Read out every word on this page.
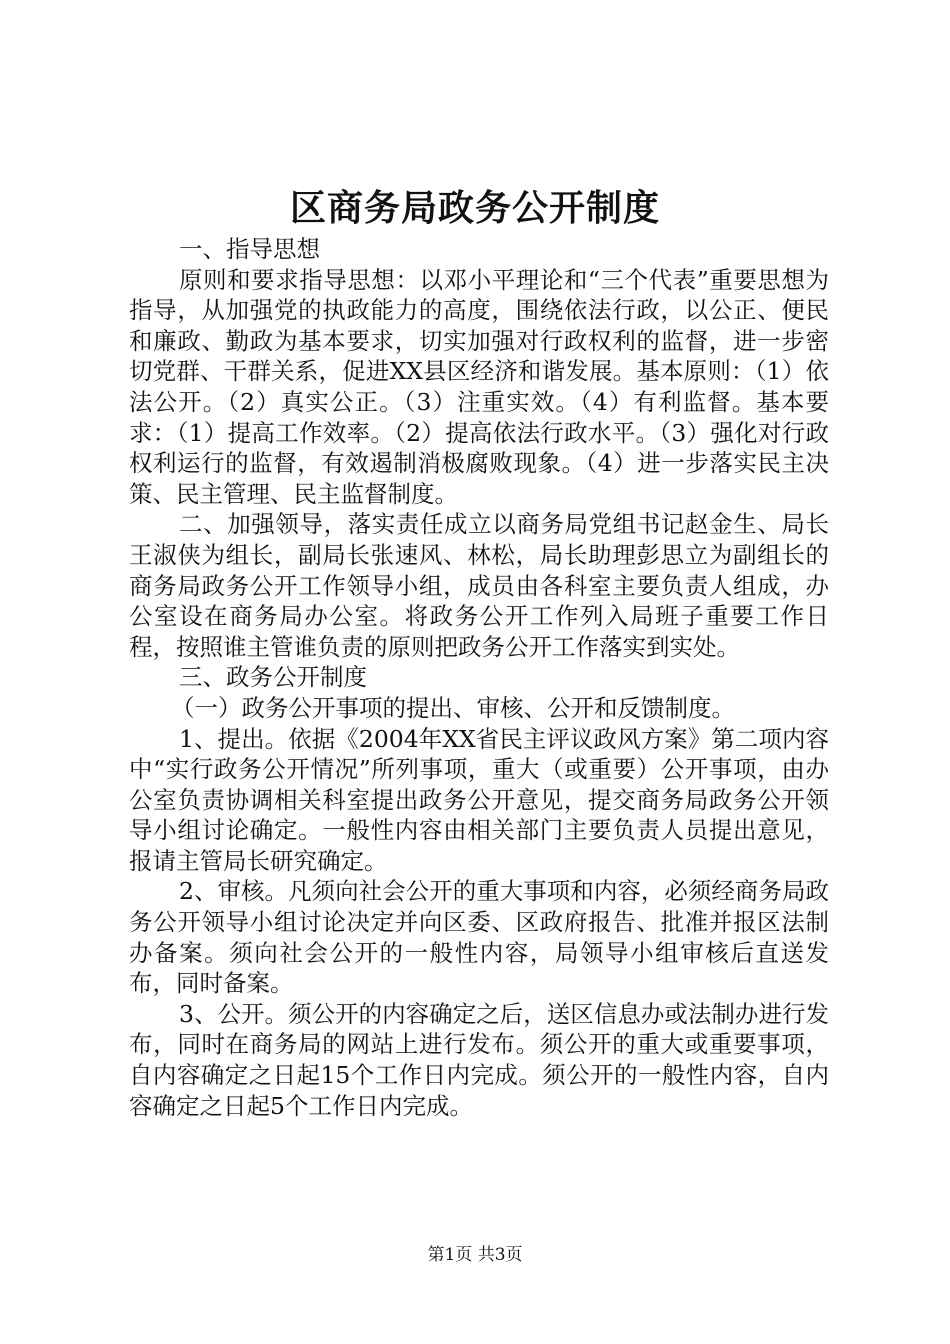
区商务局政务公开制度

一、指导思想

原则和要求指导思想：以邓小平理论和“三个代表”重要思想为指导，从加强党的执政能力的高度，围绕依法行政，以公正、便民和廉政、勤政为基本要求，切实加强对行政权利的监督，进一步密切党群、干群关系，促进XX县区经济和谐发展。基本原则：（1）依法公开。（2）真实公正。（3）注重实效。（4）有利监督。基本要求：（1）提高工作效率。（2）提高依法行政水平。（3）强化对行政权利运行的监督，有效遏制消极腐败现象。（4）进一步落实民主决策、民主管理、民主监督制度。

二、加强领导，落实责任成立以商务局党组书记赵金生、局长王淑侠为组长，副局长张速风、林松，局长助理彭思立为副组长的商务局政务公开工作领导小组，成员由各科室主要负责人组成，办公室设在商务局办公室。将政务公开工作列入局班子重要工作日程，按照谁主管谁负责的原则把政务公开工作落实到实处。

三、政务公开制度

（一）政务公开事项的提出、审核、公开和反馈制度。

1、提出。依据《2004年XX省民主评议政风方案》第二项内容中“实行政务公开情况”所列事项，重大（或重要）公开事项，由办公室负责协调相关科室提出政务公开意见，提交商务局政务公开领导小组讨论确定。一般性内容由相关部门主要负责人员提出意见，报请主管局长研究确定。

2、审核。凡须向社会公开的重大事项和内容，必须经商务局政务公开领导小组讨论决定并向区委、区政府报告、批准并报区法制办备案。须向社会公开的一般性内容，局领导小组审核后直送发布，同时备案。

3、公开。须公开的内容确定之后，送区信息办或法制办进行发布，同时在商务局的网站上进行发布。须公开的重大或重要事项，自内容确定之日起15个工作日内完成。须公开的一般性内容，自内容确定之日起5个工作日内完成。

第1页 共3页
